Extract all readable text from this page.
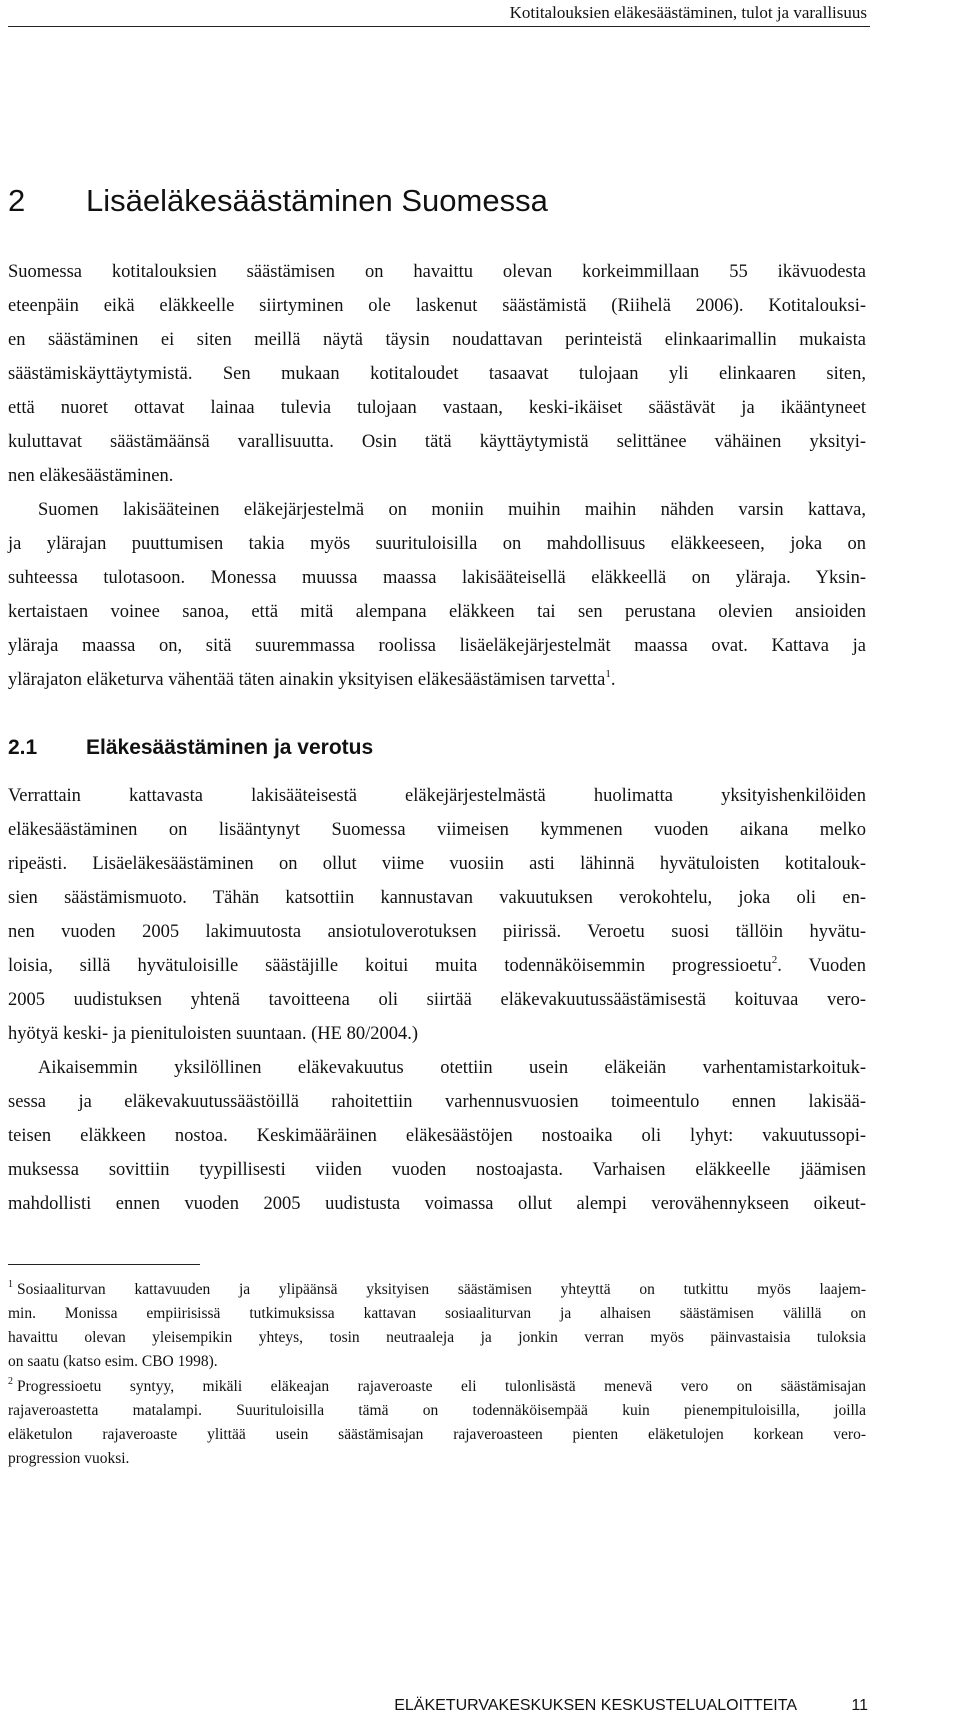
Kotitalouksien eläkesäästäminen, tulot ja varallisuus
2 Lisäeläkesäästäminen Suomessa

Suomessa kotitalouksien säästämisen on havaittu olevan korkeimmillaan 55 ikävuodesta

eteenpäin eikä eläkkeelle siirtyminen ole laskenut säästämistä (Riihelä 2006). Kotitalouksi-

en säästäminen ei siten meillä näytä täysin noudattavan perinteistä elinkaarimallin mukaista

säästämiskäyttäytymistä. Sen mukaan kotitaloudet tasaavat tulojaan yli elinkaaren siten,

että nuoret ottavat lainaa tulevia tulojaan vastaan, keski-ikäiset säästävät ja ikääntyneet

kuluttavat säästämäänsä varallisuutta. Osin tätä käyttäytymistä selittänee vähäinen yksityi-

nen eläkesäästäminen.

Suomen lakisääteinen eläkejärjestelmä on moniin muihin maihin nähden varsin kattava,

ja ylärajan puuttumisen takia myös suurituloisilla on mahdollisuus eläkkeeseen, joka on

suhteessa tulotasoon. Monessa muussa maassa lakisääteisellä eläkkeellä on yläraja. Yksin-

kertaistaen voinee sanoa, että mitä alempana eläkkeen tai sen perustana olevien ansioiden

yläraja maassa on, sitä suuremmassa roolissa lisäeläkejärjestelmät maassa ovat. Kattava ja

ylärajaton eläketurva vähentää täten ainakin yksityisen eläkesäästämisen tarvetta$^1$.

2.1 Eläkesäästäminen ja verotus

Verrattain kattavasta lakisääteisestä eläkejärjestelmästä huolimatta yksityishenkilöiden

eläkesäästäminen on lisääntynyt Suomessa viimeisen kymmenen vuoden aikana melko

ripeästi. Lisäeläkesäästäminen on ollut viime vuosiin asti lähinnä hyvätuloisten kotitalouk-

sien säästämismuoto. Tähän katsottiin kannustavan vakuutuksen verokohtelu, joka oli en-

nen vuoden 2005 lakimuutosta ansiotuloverotuksen piirissä. Veroetu suosi tällöin hyvätu-

loisia, sillä hyvätuloisille säästäjille koitui muita todennäköisemmin progressioetu$^2$. Vuoden

2005 uudistuksen yhtenä tavoitteena oli siirtää eläkevakuutussäästämisestä koituvaa vero-

hyötyä keski- ja pienituloisten suuntaan. (HE 80/2004.)

Aikaisemmin yksilöllinen eläkevakuutus otettiin usein eläkeiän varhentamistarkoituk-

sessa ja eläkevakuutussäästöillä rahoitettiin varhennusvuosien toimeentulo ennen lakisää-

teisen eläkkeen nostoa. Keskimääräinen eläkesäästöjen nostoaika oli lyhyt: vakuutussopi-

muksessa sovittiin tyypillisesti viiden vuoden nostoajasta. Varhaisen eläkkeelle jäämisen

mahdollisti ennen vuoden 2005 uudistusta voimassa ollut alempi verovähennykseen oikeut-

$^1$ Sosiaaliturvan kattavuuden ja ylipäänsä yksityisen säästämisen yhteyttä on tutkittu myös laajem-

min. Monissa empiirisissä tutkimuksissa kattavan sosiaaliturvan ja alhaisen säästämisen välillä on

havaittu olevan yleisempikin yhteys, tosin neutraaleja ja jonkin verran myös päinvastaisia tuloksia

on saatu (katso esim. CBO 1998).

$^2$ Progressioetu syntyy, mikäli eläkeajan rajaveroaste eli tulonlisästä menevä vero on säästämisajan

rajaveroastetta matalampi. Suurituloisilla tämä on todennäköisempää kuin pienempituloisilla, joilla

eläketulon rajaveroaste ylittää usein säästämisajan rajaveroasteen pienten eläketulojen korkean vero-

progression vuoksi.

ELÄKETURVAKESKUKSEN KESKUSTELUALOITTEITA	11
